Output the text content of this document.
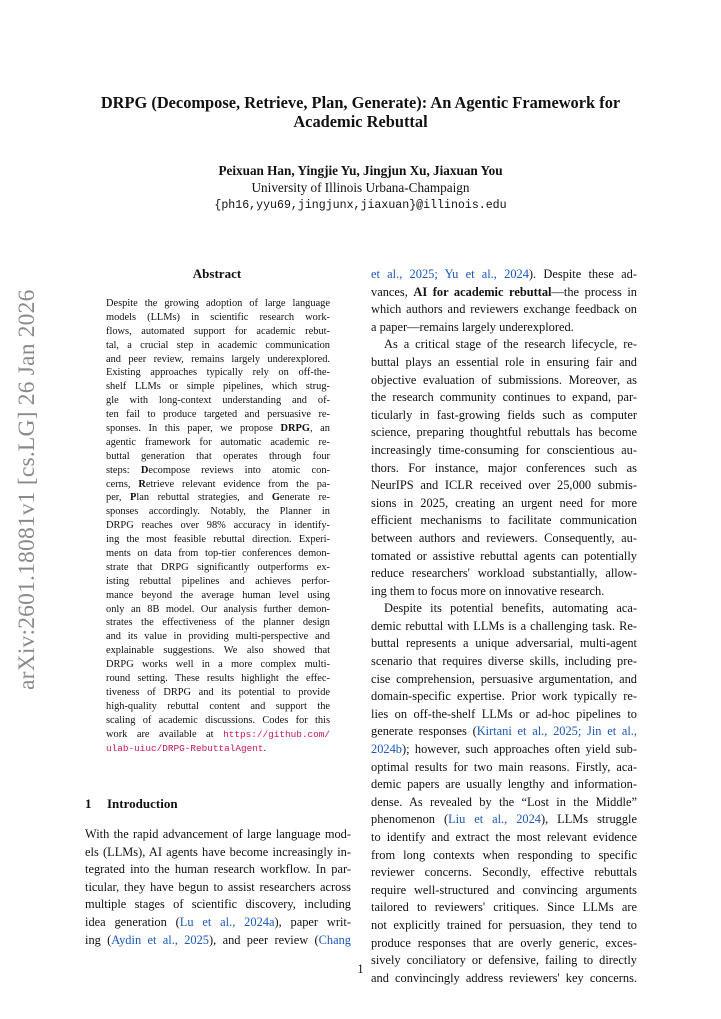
arXiv:2601.18081v1 [cs.LG] 26 Jan 2026
DRPG (Decompose, Retrieve, Plan, Generate): An Agentic Framework for
Academic Rebuttal
Peixuan Han, Yingjie Yu, Jingjun Xu, Jiaxuan You
University of Illinois Urbana-Champaign
{ph16,yyu69,jingjunx,jiaxuan}@illinois.edu
Abstract
Despite the growing adoption of large language
models (LLMs) in scientific research work-
flows, automated support for academic rebut-
tal, a crucial step in academic communication
and peer review, remains largely underexplored.
Existing approaches typically rely on off-the-
shelf LLMs or simple pipelines, which strug-
gle with long-context understanding and of-
ten fail to produce targeted and persuasive re-
sponses. In this paper, we propose DRPG, an
agentic framework for automatic academic re-
buttal generation that operates through four
steps: Decompose reviews into atomic con-
cerns, Retrieve relevant evidence from the pa-
per, Plan rebuttal strategies, and Generate re-
sponses accordingly. Notably, the Planner in
DRPG reaches over 98% accuracy in identify-
ing the most feasible rebuttal direction. Experi-
ments on data from top-tier conferences demon-
strate that DRPG significantly outperforms ex-
isting rebuttal pipelines and achieves perfor-
mance beyond the average human level using
only an 8B model. Our analysis further demon-
strates the effectiveness of the planner design
and its value in providing multi-perspective and
explainable suggestions. We also showed that
DRPG works well in a more complex multi-
round setting. These results highlight the effec-
tiveness of DRPG and its potential to provide
high-quality rebuttal content and support the
scaling of academic discussions. Codes for this
work are available at https://github.com/
ulab-uiuc/DRPG-RebuttalAgent.
1 Introduction
With the rapid advancement of large language mod-
els (LLMs), AI agents have become increasingly in-
tegrated into the human research workflow. In par-
ticular, they have begun to assist researchers across
multiple stages of scientific discovery, including
idea generation (Lu et al., 2024a), paper writ-
ing (Aydin et al., 2025), and peer review (Chang
et al., 2025; Yu et al., 2024). Despite these ad-
vances, AI for academic rebuttal—the process in
which authors and reviewers exchange feedback on
a paper—remains largely underexplored.
As a critical stage of the research lifecycle, re-
buttal plays an essential role in ensuring fair and
objective evaluation of submissions. Moreover, as
the research community continues to expand, par-
ticularly in fast-growing fields such as computer
science, preparing thoughtful rebuttals has become
increasingly time-consuming for conscientious au-
thors. For instance, major conferences such as
NeurIPS and ICLR received over 25,000 submis-
sions in 2025, creating an urgent need for more
efficient mechanisms to facilitate communication
between authors and reviewers. Consequently, au-
tomated or assistive rebuttal agents can potentially
reduce researchers' workload substantially, allow-
ing them to focus more on innovative research.
Despite its potential benefits, automating aca-
demic rebuttal with LLMs is a challenging task. Re-
buttal represents a unique adversarial, multi-agent
scenario that requires diverse skills, including pre-
cise comprehension, persuasive argumentation, and
domain-specific expertise. Prior work typically re-
lies on off-the-shelf LLMs or ad-hoc pipelines to
generate responses (Kirtani et al., 2025; Jin et al.,
2024b); however, such approaches often yield sub-
optimal results for two main reasons. Firstly, aca-
demic papers are usually lengthy and information-
dense. As revealed by the “Lost in the Middle”
phenomenon (Liu et al., 2024), LLMs struggle
to identify and extract the most relevant evidence
from long contexts when responding to specific
reviewer concerns. Secondly, effective rebuttals
require well-structured and convincing arguments
tailored to reviewers' critiques. Since LLMs are
not explicitly trained for persuasion, they tend to
produce responses that are overly generic, exces-
sively conciliatory or defensive, failing to directly
and convincingly address reviewers' key concerns.
1
